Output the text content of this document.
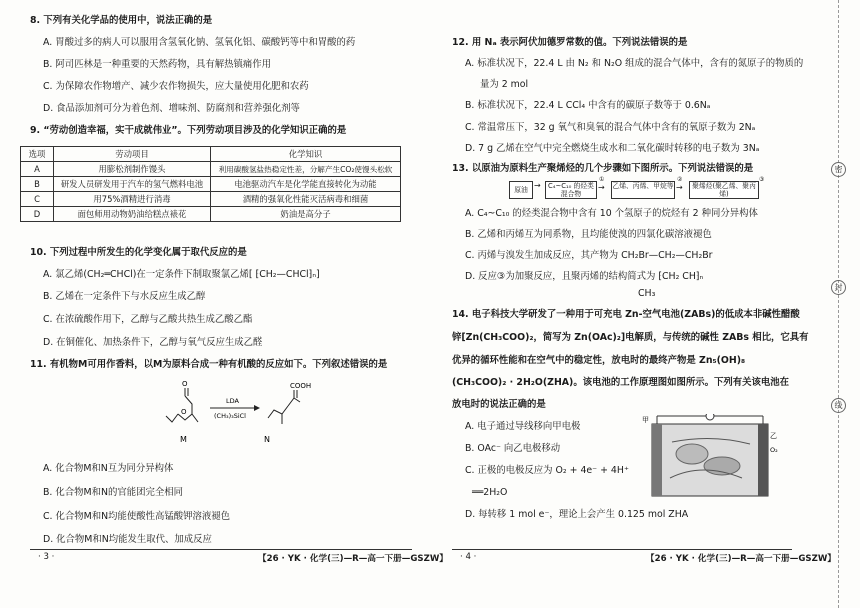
8. 下列有关化学品的使用中，说法正确的是
A. 胃酸过多的病人可以服用含氢氧化钠、氢氧化铝、碳酸钙等中和胃酸的药
B. 阿司匹林是一种重要的天然药物，具有解热镇痛作用
C. 为保障农作物增产、减少农作物损失，应大量使用化肥和农药
D. 食品添加剂可分为着色剂、增味剂、防腐剂和营养强化剂等
9. “劳动创造幸福，实干成就伟业”。下列劳动项目涉及的化学知识正确的是
10. 下列过程中所发生的化学变化属于取代反应的是
A. 氯乙烯(CH₂═CHCl)在一定条件下制取聚氯乙烯[ ⁅CH₂—CHCl⁆ₙ]
B. 乙烯在一定条件下与水反应生成乙醇
C. 在浓硫酸作用下，乙醇与乙酸共热生成乙酸乙酯
D. 在铜催化、加热条件下，乙醇与氧气反应生成乙醛
11. 有机物M可用作香料，以M为原料合成一种有机酸的反应如下。下列叙述错误的是
A. 化合物M和N互为同分异构体
B. 化合物M和N的官能团完全相同
C. 化合物M和N均能使酸性高锰酸钾溶液褪色
D. 化合物M和N均能发生取代、加成反应
选项	劳动项目	化学知识
A	用膨松剂制作馒头	利用碳酸氢盐热稳定性差，分解产生CO₂使馒头松软
B	研发人员研发用于汽车的氢气燃料电池	电池驱动汽车是化学能直接转化为动能
C	用75%酒精进行消毒	酒精的强氧化性能灭活病毒和细菌
D	面包师用动物奶油给糕点裱花	奶油是高分子
O
O
M
LDA
(CH₃)₃SiCl
COOH
N
· 3 ·	【26 · YK · 化学(三)—R—高一下册—GSZW】
12. 用 Nₐ 表示阿伏加德罗常数的值。下列说法错误的是
A. 标准状况下，22.4 L 由 N₂ 和 N₂O 组成的混合气体中，含有的氮原子的物质的
量为 2 mol
B. 标准状况下，22.4 L CCl₄ 中含有的碳原子数等于 0.6Nₐ
C. 常温常压下，32 g 氧气和臭氧的混合气体中含有的氧原子数为 2Nₐ
D. 7 g 乙烯在空气中完全燃烧生成水和二氧化碳时转移的电子数为 3Nₐ
13. 以原油为原料生产聚烯烃的几个步骤如下图所示。下列说法错误的是
A. C₄~C₁₀ 的烃类混合物中含有 10 个氢原子的烷烃有 2 种同分异构体
B. 乙烯和丙烯互为同系物，且均能使溴的四氯化碳溶液褪色
C. 丙烯与溴发生加成反应，其产物为 CH₂Br—CH₂—CH₂Br
D. 反应③为加聚反应，且聚丙烯的结构简式为 ⁅CH₂ CH⁆ₙ
CH₃
14. 电子科技大学研发了一种用于可充电 Zn-空气电池(ZABs)的低成本非碱性醋酸
锌[Zn(CH₃COO)₂，简写为 Zn(OAc)₂]电解质，与传统的碱性 ZABs 相比，它具有
优异的循环性能和在空气中的稳定性，放电时的最终产物是 Zn₅(OH)₈
(CH₃COO)₂ · 2H₂O(ZHA)。该电池的工作原理图如图所示。下列有关该电池在
放电时的说法正确的是
A. 电子通过导线移向甲电极
B. OAc⁻ 向乙电极移动
C. 正极的电极反应为 O₂ + 4e⁻ + 4H⁺
══2H₂O
D. 每转移 1 mol e⁻，理论上会产生 0.125 mol ZHA
原油 →	C₄~C₁₀ 的烃类混合物
①
→ 乙烯、丙烯、甲烷等
②
→	聚烯烃(聚乙烯、聚丙烯)
③
甲
乙
O₂
· 4 ·	【26 · YK · 化学(三)—R—高一下册—GSZW】
密
封
线
